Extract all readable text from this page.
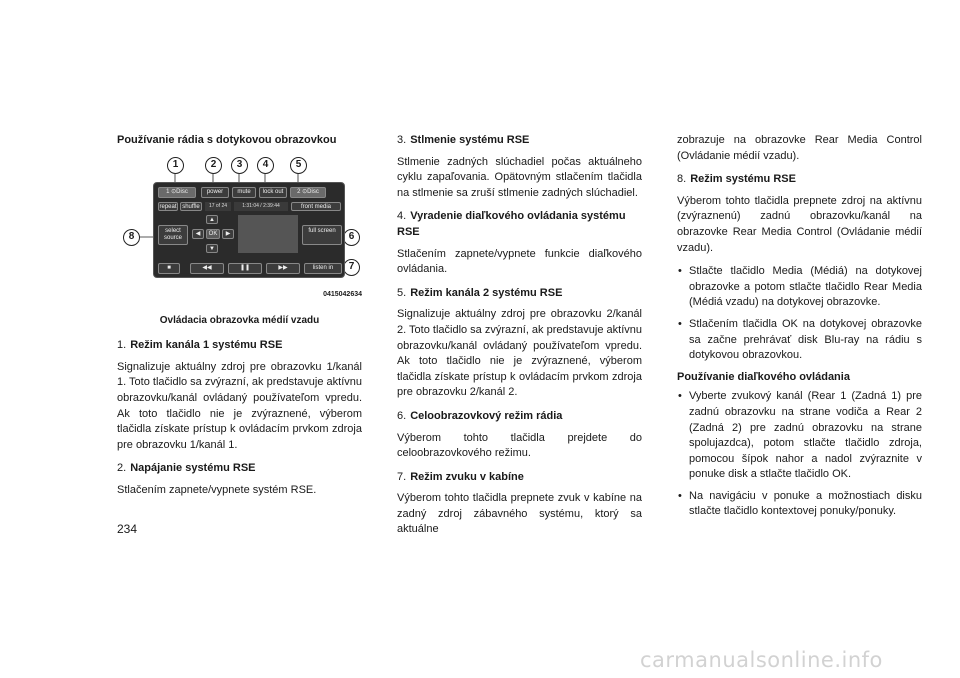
Používanie rádia s dotykovou obrazovkou
1	2	3	4	5
6
7
8
1 ⊙Disc	power	mute	lock out	2 ⊙Disc
repeat shuffle	17 of 24	1:31:04 / 2:39:44	front media
select source
▲
◀	OK	▶
▼
full screen
■	◀◀	❚❚	▶▶	listen in
0415042634
Ovládacia obrazovka médií vzadu
1. Režim kanála 1 systému RSE
Signalizuje aktuálny zdroj pre obrazovku 1/kanál 1. Toto tlačidlo sa zvýrazní, ak predstavuje aktívnu obrazovku/kanál ovládaný používateľom vpredu. Ak toto tlačidlo nie je zvýraznené, výberom tlačidla získate prístup k ovládacím prvkom zdroja pre obrazovku 1/kanál 1.
2. Napájanie systému RSE
Stlačením zapnete/vypnete systém RSE.
3. Stlmenie systému RSE
Stlmenie zadných slúchadiel počas aktuálneho cyklu zapaľovania. Opätovným stlačením tlačidla na stlmenie sa zruší stlmenie zadných slúchadiel.
4. Vyradenie diaľkového ovládania systému RSE
Stlačením zapnete/vypnete funkcie diaľkového ovládania.
5. Režim kanála 2 systému RSE
Signalizuje aktuálny zdroj pre obrazovku 2/kanál 2. Toto tlačidlo sa zvýrazní, ak predstavuje aktívnu obrazovku/kanál ovládaný používateľom vpredu. Ak toto tlačidlo nie je zvýraznené, výberom tlačidla získate prístup k ovládacím prvkom zdroja pre obrazovku 2/kanál 2.
6. Celoobrazovkový režim rádia
Výberom tohto tlačidla prejdete do celoobrazovkového režimu.
7. Režim zvuku v kabíne
Výberom tohto tlačidla prepnete zvuk v kabíne na zadný zdroj zábavného systému, ktorý sa aktuálne
zobrazuje na obrazovke Rear Media Control (Ovládanie médií vzadu).
8. Režim systému RSE
Výberom tohto tlačidla prepnete zdroj na aktívnu (zvýraznenú) zadnú obrazovku/kanál na obrazovke Rear Media Control (Ovládanie médií vzadu).
• Stlačte tlačidlo Media (Médiá) na dotykovej obrazovke a potom stlačte tlačidlo Rear Media (Médiá vzadu) na dotykovej obrazovke.
• Stlačením tlačidla OK na dotykovej obrazovke sa začne prehrávať disk Blu-ray na rádiu s dotykovou obrazovkou.
Používanie diaľkového ovládania
• Vyberte zvukový kanál (Rear 1 (Zadná 1) pre zadnú obrazovku na strane vodiča a Rear 2 (Zadná 2) pre zadnú obrazovku na strane spolujazdca), potom stlačte tlačidlo zdroja, pomocou šípok nahor a nadol zvýraznite v ponuke disk a stlačte tlačidlo OK.
• Na navigáciu v ponuke a možnostiach disku stlačte tlačidlo kontextovej ponuky/ponuky.
234
carmanualsonline.info
